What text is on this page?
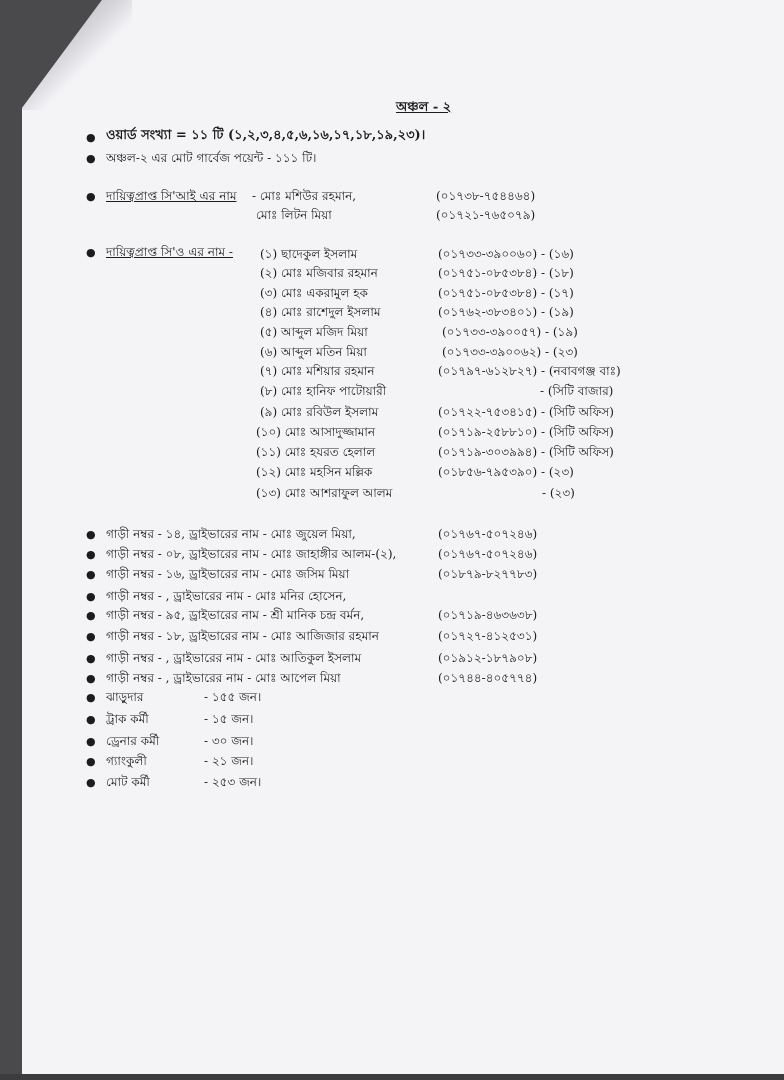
অঞ্চল - ২
● ওয়ার্ড সংখ্যা = ১১ টি (১,২,৩,৪,৫,৬,১৬,১৭,১৮,১৯,২৩)।
● অঞ্চল-২ এর মোট গার্বেজ পয়েন্ট - ১১১ টি।
● দায়িত্বপ্রাপ্ত সি'আই এর নাম - মোঃ মশিউর রহমান,	(০১৭৩৮-৭৫৪৪৬৪)
মোঃ লিটন মিয়া	(০১৭২১-৭৬৫০৭৯)
● দায়িত্বপ্রাপ্ত সি'ও এর নাম - (১) ছাদেকুল ইসলাম	(০১৭৩৩-৩৯০০৬০) - (১৬)
(২) মোঃ মজিবার রহমান	(০১৭৫১-০৮৫৩৮৪) - (১৮)
(৩) মোঃ একরামুল হক	(০১৭৫১-০৮৫৩৮৪) - (১৭)
(৪) মোঃ রাশেদুল ইসলাম	(০১৭৬২-৩৮৩৪০১) - (১৯)
(৫) আব্দুল মজিদ মিয়া	(০১৭৩৩-৩৯০০৫৭) - (১৯)
(৬) আব্দুল মতিন মিয়া	(০১৭৩৩-৩৯০০৬২) - (২৩)
(৭) মোঃ মশিয়ার রহমান	(০১৭৯৭-৬১২৮২৭) - (নবাবগঞ্জ বাঃ)
(৮) মোঃ হানিফ পাটোয়ারী	- (সিটি বাজার)
(৯) মোঃ রবিউল ইসলাম	(০১৭২২-৭৫৩৪১৫) - (সিটি অফিস)
(১০) মোঃ আসাদুজ্জামান	(০১৭১৯-২৫৮৮১০) - (সিটি অফিস)
(১১) মোঃ হযরত হেলাল	(০১৭১৯-৩০৩৯৯৪) - (সিটি অফিস)
(১২) মোঃ মহসিন মল্লিক	(০১৮৫৬-৭৯৫৩৯০) - (২৩)
(১৩) মোঃ আশরাফুল আলম	- (২৩)
● গাড়ী নম্বর - ১৪, ড্রাইভারের নাম - মোঃ জুয়েল মিয়া,	(০১৭৬৭-৫০৭২৪৬)
● গাড়ী নম্বর - ০৮, ড্রাইভারের নাম - মোঃ জাহাঙ্গীর আলম-(২),	(০১৭৬৭-৫০৭২৪৬)
● গাড়ী নম্বর - ১৬, ড্রাইভারের নাম - মোঃ জসিম মিয়া	(০১৮৭৯-৮২৭৭৮৩)
● গাড়ী নম্বর - , ড্রাইভারের নাম - মোঃ মনির হোসেন,
● গাড়ী নম্বর - ৯৫, ড্রাইভারের নাম - শ্রী মানিক চন্দ্র বর্মন,	(০১৭১৯-৪৬৩৬৩৮)
● গাড়ী নম্বর - ১৮, ড্রাইভারের নাম - মোঃ আজিজার রহমান	(০১৭২৭-৪১২৫৩১)
● গাড়ী নম্বর - , ড্রাইভারের নাম - মোঃ আতিকুল ইসলাম	(০১৯১২-১৮৭৯০৮)
● গাড়ী নম্বর - , ড্রাইভারের নাম - মোঃ আপেল মিয়া	(০১৭৪৪-৪০৫৭৭৪)
● ঝাড়ুদার	- ১৫৫ জন।
● ট্রাক কর্মী	- ১৫ জন।
● ড্রেনার কর্মী	- ৩০ জন।
● গ্যাংকুলী	- ২১ জন।
● মোট কর্মী	- ২৫৩ জন।
